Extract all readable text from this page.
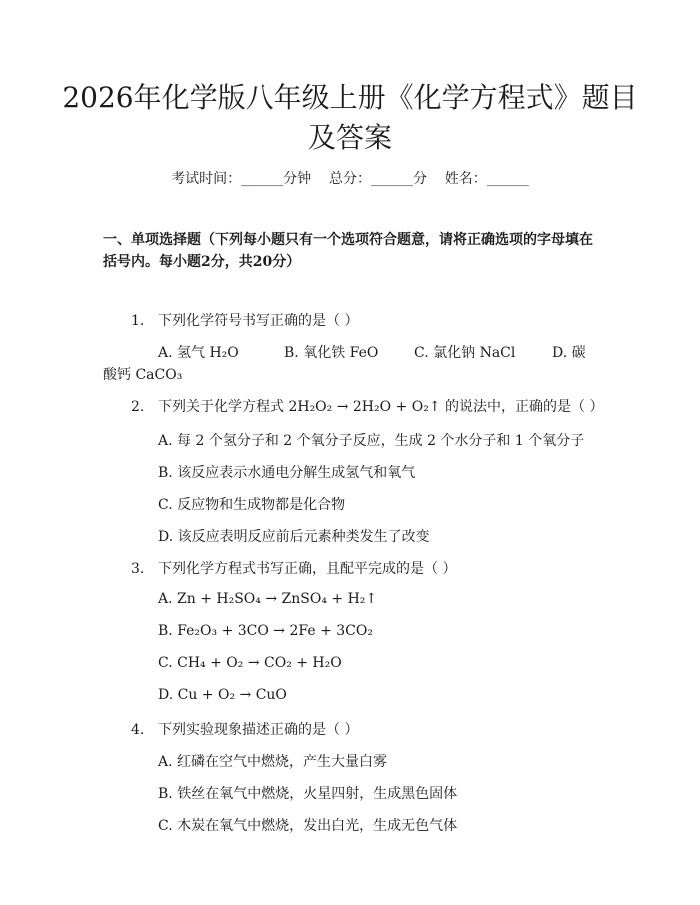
2026年化学版八年级上册《化学方程式》题目及答案
考试时间：______分钟    总分：______分    姓名：______
一、单项选择题（下列每小题只有一个选项符合题意，请将正确选项的字母填在括号内。每小题2分，共20分）
1. 下列化学符号书写正确的是（ ）
A. 氢气 H₂O	B. 氧化铁 FeO	C. 氯化钠 NaCl	D. 碳
酸钙 CaCO₃
2. 下列关于化学方程式 2H₂O₂ → 2H₂O + O₂↑ 的说法中，正确的是（ ）
A. 每 2 个氢分子和 2 个氧分子反应，生成 2 个水分子和 1 个氧分子
B. 该反应表示水通电分解生成氢气和氧气
C. 反应物和生成物都是化合物
D. 该反应表明反应前后元素种类发生了改变
3. 下列化学方程式书写正确，且配平完成的是（ ）
A. Zn + H₂SO₄ → ZnSO₄ + H₂↑
B. Fe₂O₃ + 3CO → 2Fe + 3CO₂
C. CH₄ + O₂ → CO₂ + H₂O
D. Cu + O₂ → CuO
4. 下列实验现象描述正确的是（ ）
A. 红磷在空气中燃烧，产生大量白雾
B. 铁丝在氧气中燃烧，火星四射，生成黑色固体
C. 木炭在氧气中燃烧，发出白光，生成无色气体
